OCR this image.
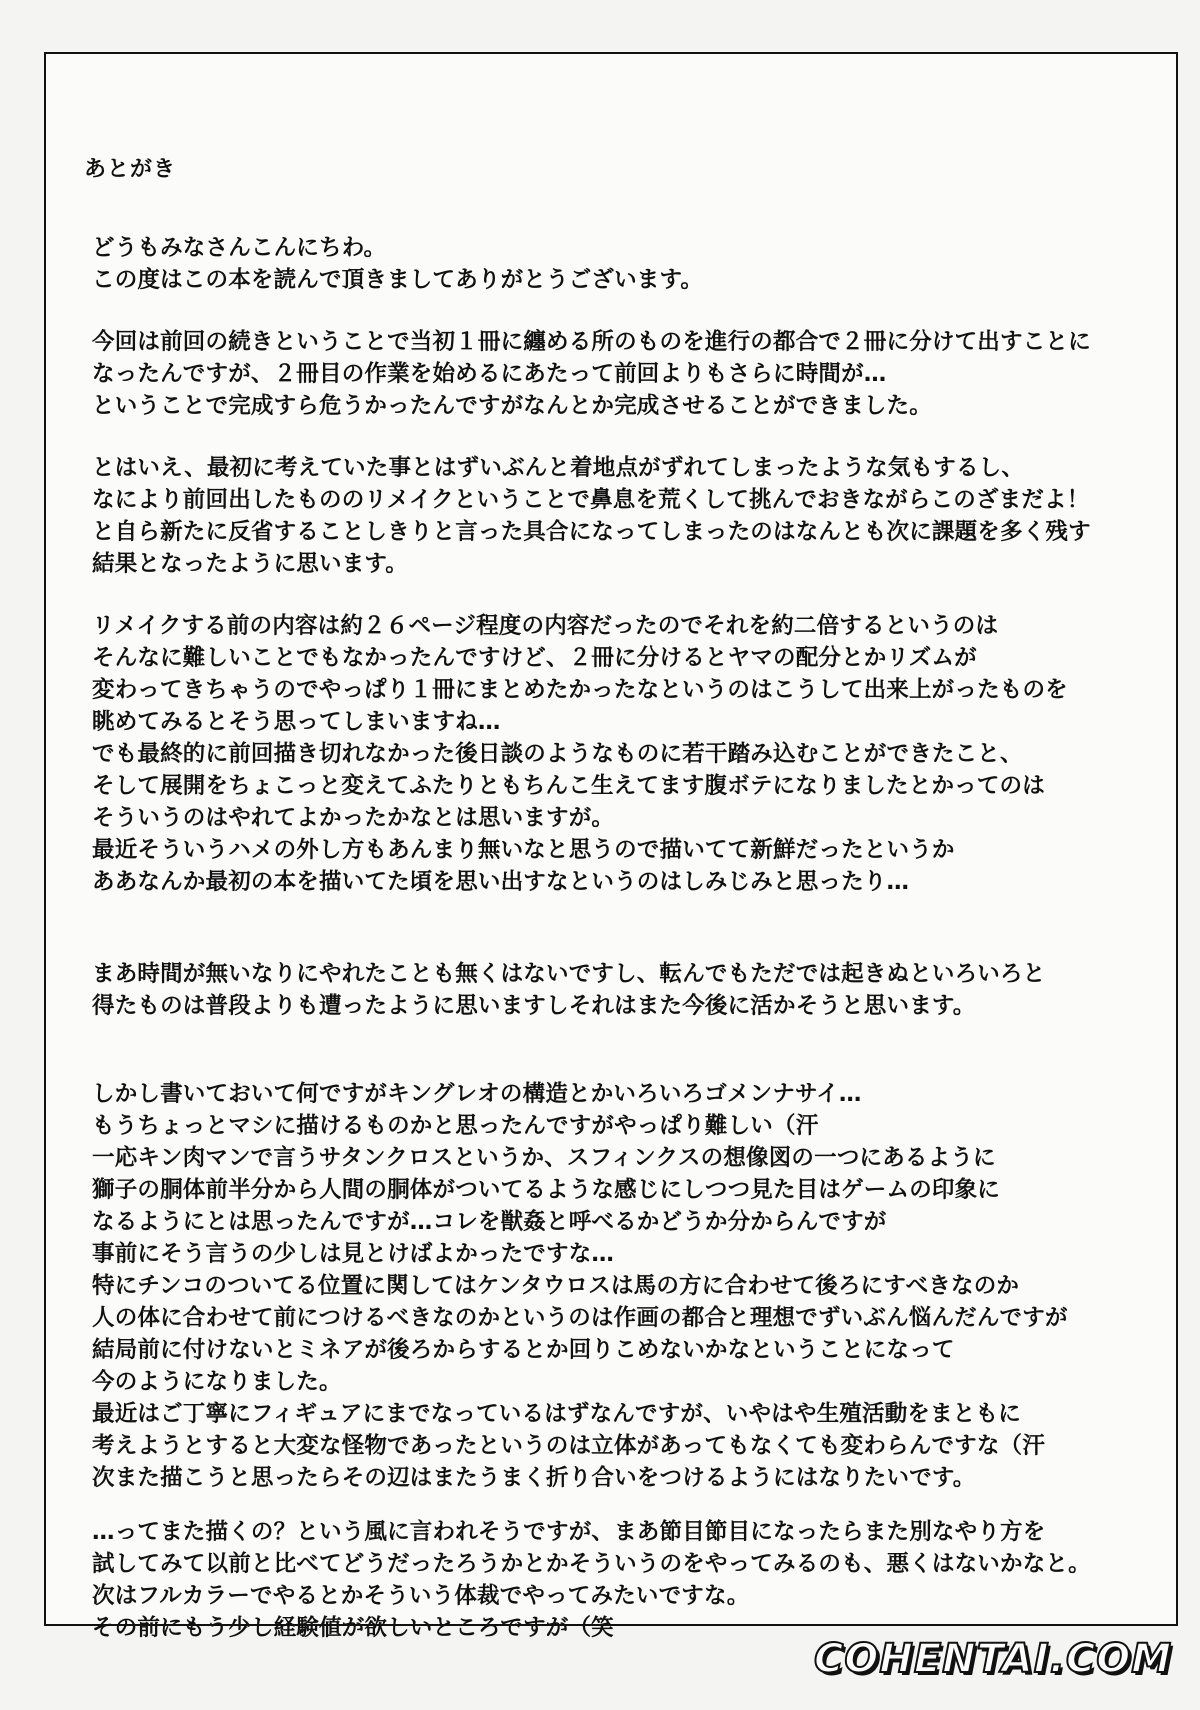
あとがき
どうもみなさんこんにちわ。
この度はこの本を読んで頂きましてありがとうございます。
今回は前回の続きということで当初１冊に纏める所のものを進行の都合で２冊に分けて出すことに
なったんですが、２冊目の作業を始めるにあたって前回よりもさらに時間が…
ということで完成すら危うかったんですがなんとか完成させることができました。
とはいえ、最初に考えていた事とはずいぶんと着地点がずれてしまったような気もするし、
なにより前回出したもののリメイクということで鼻息を荒くして挑んでおきながらこのざまだよ！
と自ら新たに反省することしきりと言った具合になってしまったのはなんとも次に課題を多く残す
結果となったように思います。
リメイクする前の内容は約２６ページ程度の内容だったのでそれを約二倍するというのは
そんなに難しいことでもなかったんですけど、２冊に分けるとヤマの配分とかリズムが
変わってきちゃうのでやっぱり１冊にまとめたかったなというのはこうして出来上がったものを
眺めてみるとそう思ってしまいますね…
でも最終的に前回描き切れなかった後日談のようなものに若干踏み込むことができたこと、
そして展開をちょこっと変えてふたりともちんこ生えてます腹ボテになりましたとかってのは
そういうのはやれてよかったかなとは思いますが。
最近そういうハメの外し方もあんまり無いなと思うので描いてて新鮮だったというか
ああなんか最初の本を描いてた頃を思い出すなというのはしみじみと思ったり…
まあ時間が無いなりにやれたことも無くはないですし、転んでもただでは起きぬといろいろと
得たものは普段よりも遭ったように思いますしそれはまた今後に活かそうと思います。
しかし書いておいて何ですがキングレオの構造とかいろいろゴメンナサイ…
もうちょっとマシに描けるものかと思ったんですがやっぱり難しい（汗
一応キン肉マンで言うサタンクロスというか、スフィンクスの想像図の一つにあるように
獅子の胴体前半分から人間の胴体がついてるような感じにしつつ見た目はゲームの印象に
なるようにとは思ったんですが…コレを獣姦と呼べるかどうか分からんですが
事前にそう言うの少しは見とけばよかったですな…
特にチンコのついてる位置に関してはケンタウロスは馬の方に合わせて後ろにすべきなのか
人の体に合わせて前につけるべきなのかというのは作画の都合と理想でずいぶん悩んだんですが
結局前に付けないとミネアが後ろからするとか回りこめないかなということになって
今のようになりました。
最近はご丁寧にフィギュアにまでなっているはずなんですが、いやはや生殖活動をまともに
考えようとすると大変な怪物であったというのは立体があってもなくても変わらんですな（汗
次また描こうと思ったらその辺はまたうまく折り合いをつけるようにはなりたいです。
…ってまた描くの？という風に言われそうですが、まあ節目節目になったらまた別なやり方を
試してみて以前と比べてどうだったろうかとかそういうのをやってみるのも、悪くはないかなと。
次はフルカラーでやるとかそういう体裁でやってみたいですな。
その前にもう少し経験値が欲しいところですが（笑
COHENTAI.COM
